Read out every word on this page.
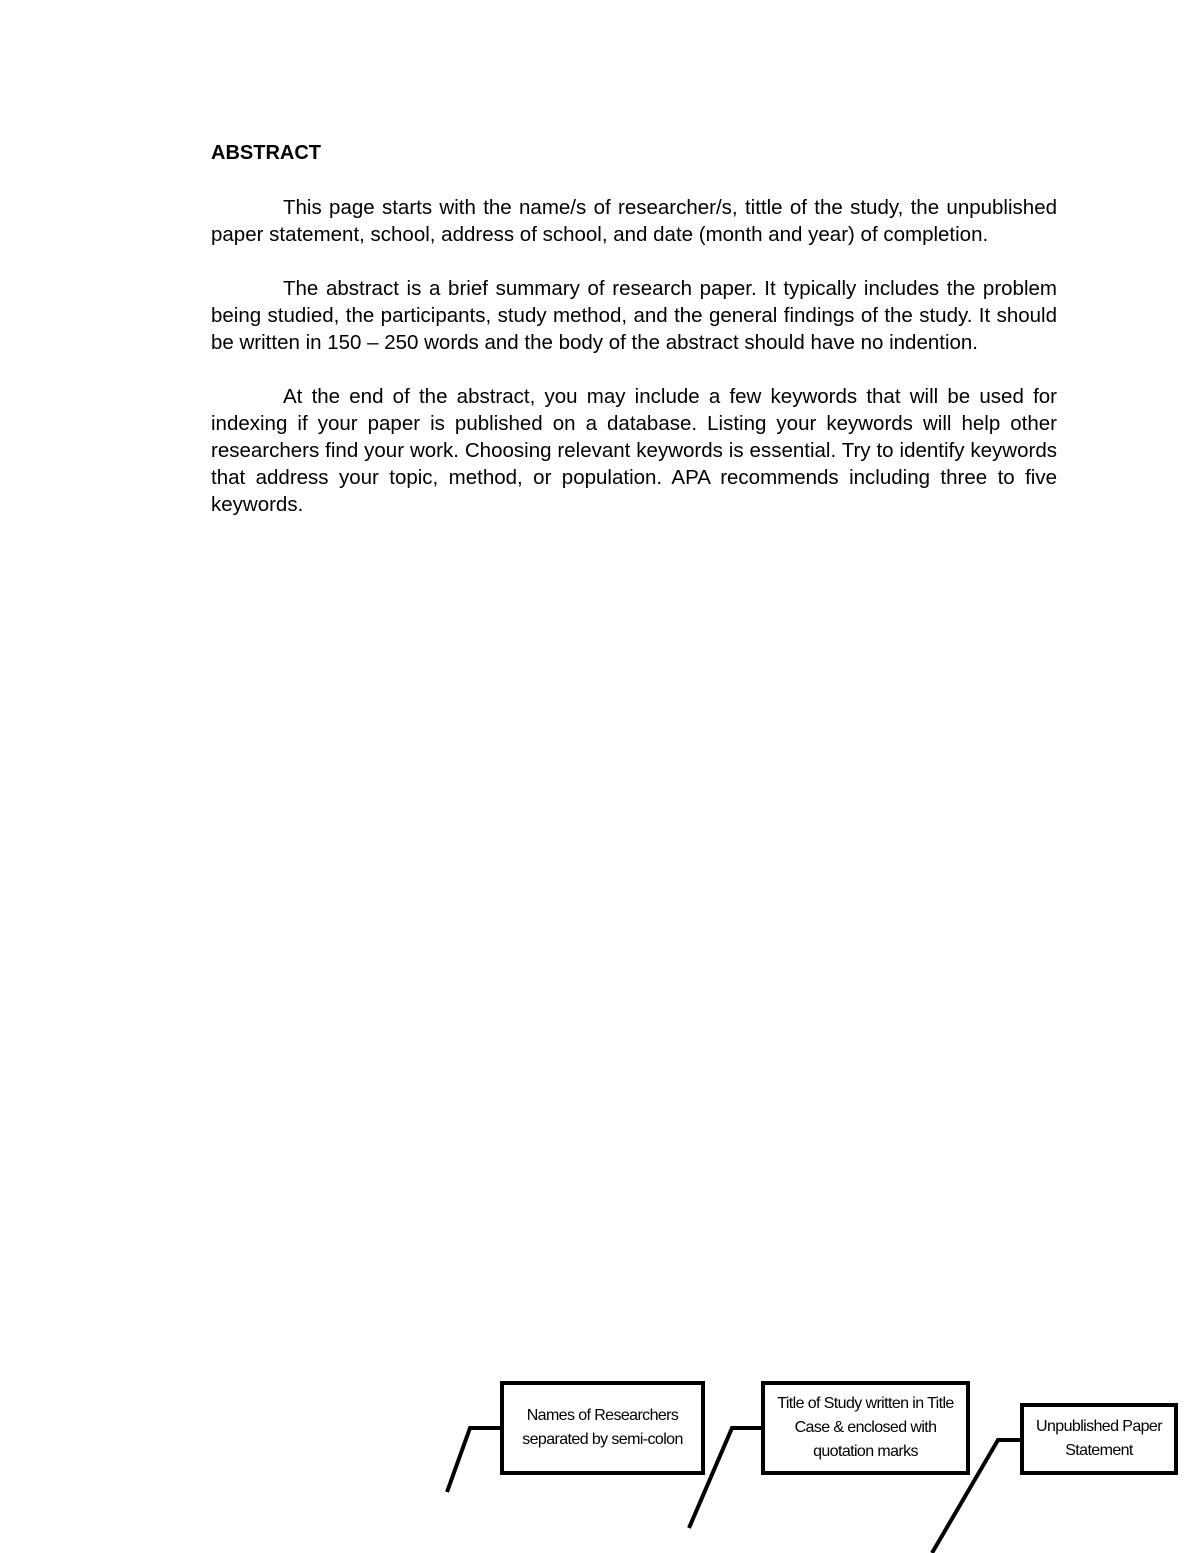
ABSTRACT

This page starts with the name/s of researcher/s, tittle of the study, the unpublished paper statement, school, address of school, and date (month and year) of completion.

The abstract is a brief summary of research paper. It typically includes the problem being studied, the participants, study method, and the general findings of the study. It should be written in 150 – 250 words and the body of the abstract should have no indention.

At the end of the abstract, you may include a few keywords that will be used for indexing if your paper is published on a database. Listing your keywords will help other researchers find your work. Choosing relevant keywords is essential. Try to identify keywords that address your topic, method, or population. APA recommends including three to five keywords.

Names of Researchers separated by semi-colon
Title of Study written in Title Case & enclosed with quotation marks
Unpublished Paper Statement
